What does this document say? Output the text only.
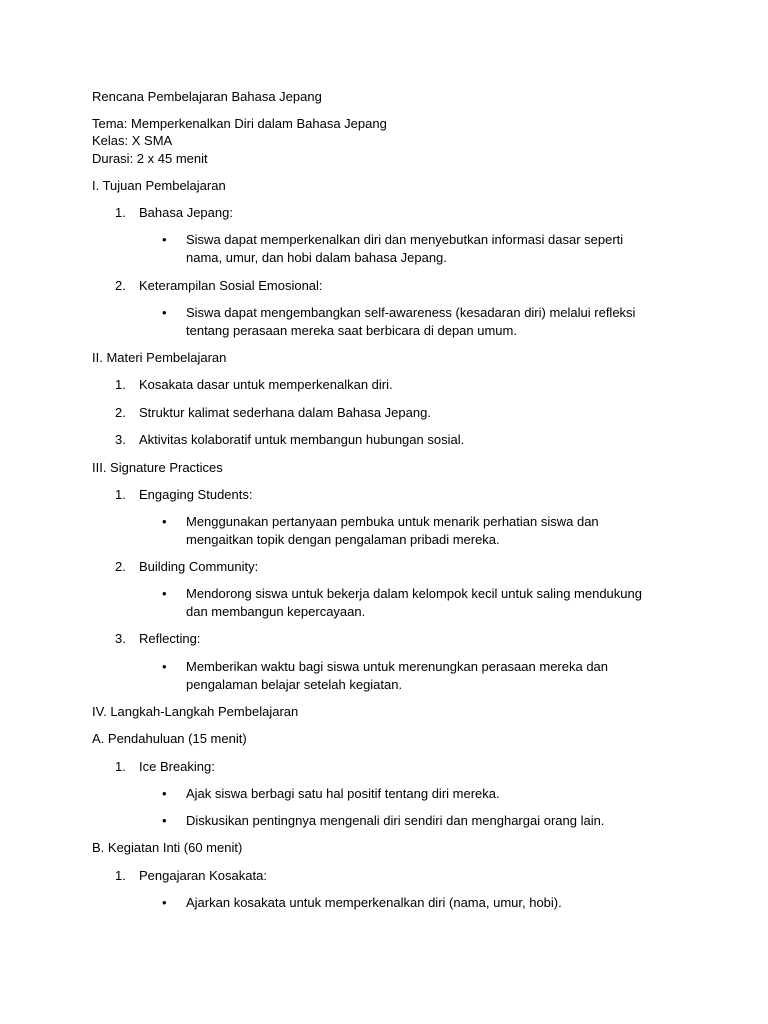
Rencana Pembelajaran Bahasa Jepang
Tema: Memperkenalkan Diri dalam Bahasa Jepang
Kelas: X SMA
Durasi: 2 x 45 menit
I. Tujuan Pembelajaran
1.	Bahasa Jepang:
• Siswa dapat memperkenalkan diri dan menyebutkan informasi dasar seperti
nama, umur, dan hobi dalam bahasa Jepang.
2.	Keterampilan Sosial Emosional:
• Siswa dapat mengembangkan self-awareness (kesadaran diri) melalui refleksi
tentang perasaan mereka saat berbicara di depan umum.
II. Materi Pembelajaran
1.	Kosakata dasar untuk memperkenalkan diri.
2.	Struktur kalimat sederhana dalam Bahasa Jepang.
3.	Aktivitas kolaboratif untuk membangun hubungan sosial.
III. Signature Practices
1.	Engaging Students:
• Menggunakan pertanyaan pembuka untuk menarik perhatian siswa dan
mengaitkan topik dengan pengalaman pribadi mereka.
2.	Building Community:
• Mendorong siswa untuk bekerja dalam kelompok kecil untuk saling mendukung
dan membangun kepercayaan.
3.	Reflecting:
• Memberikan waktu bagi siswa untuk merenungkan perasaan mereka dan
pengalaman belajar setelah kegiatan.
IV. Langkah-Langkah Pembelajaran
A. Pendahuluan (15 menit)
1.	Ice Breaking:
• Ajak siswa berbagi satu hal positif tentang diri mereka.
• Diskusikan pentingnya mengenali diri sendiri dan menghargai orang lain.
B. Kegiatan Inti (60 menit)
1.	Pengajaran Kosakata:
• Ajarkan kosakata untuk memperkenalkan diri (nama, umur, hobi).
